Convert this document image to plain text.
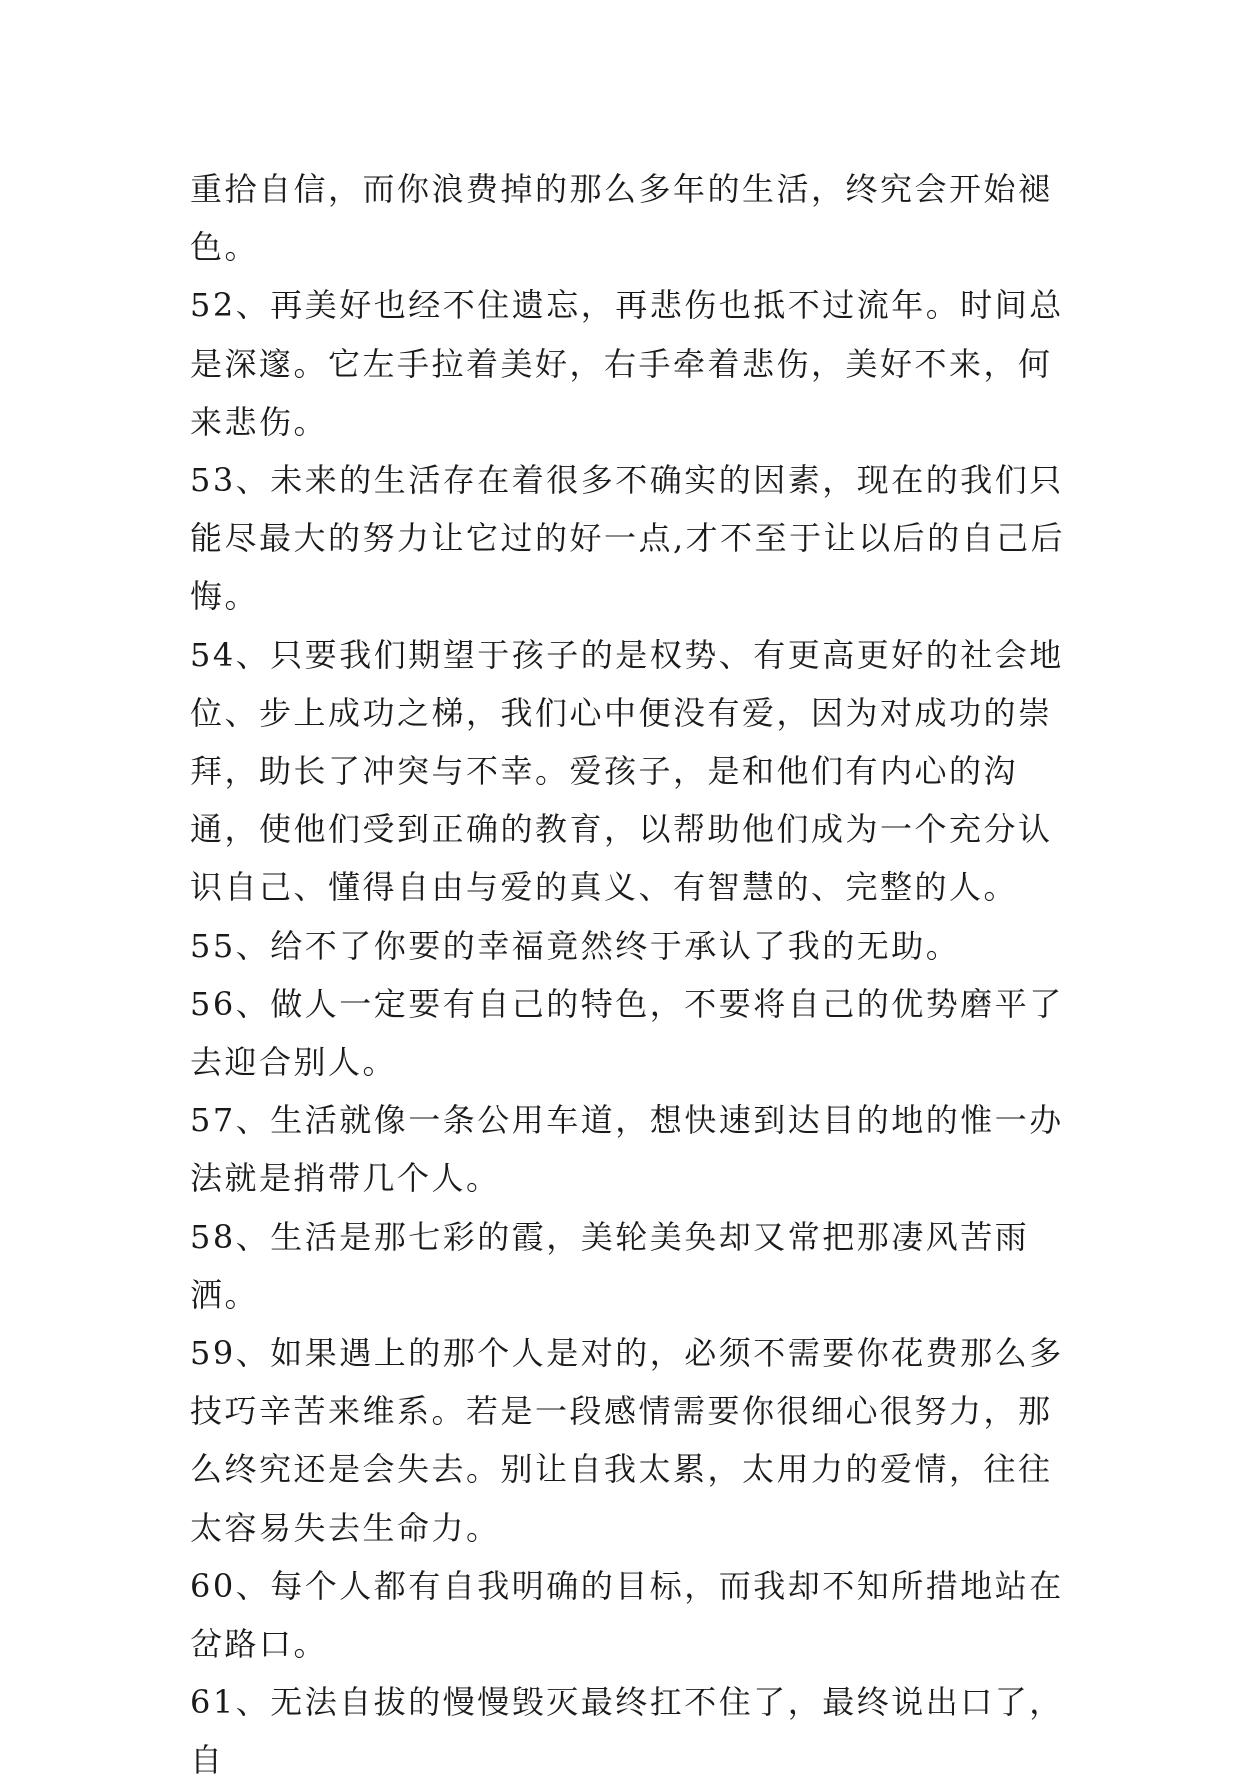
重拾自信，而你浪费掉的那么多年的生活，终究会开始褪色。

52、再美好也经不住遗忘，再悲伤也抵不过流年。时间总是深邃。它左手拉着美好，右手牵着悲伤，美好不来，何来悲伤。

53、未来的生活存在着很多不确实的因素，现在的我们只能尽最大的努力让它过的好一点,才不至于让以后的自己后悔。

54、只要我们期望于孩子的是权势、有更高更好的社会地位、步上成功之梯，我们心中便没有爱，因为对成功的崇拜，助长了冲突与不幸。爱孩子，是和他们有内心的沟通，使他们受到正确的教育，以帮助他们成为一个充分认识自己、懂得自由与爱的真义、有智慧的、完整的人。

55、给不了你要的幸福竟然终于承认了我的无助。

56、做人一定要有自己的特色，不要将自己的优势磨平了去迎合别人。

57、生活就像一条公用车道，想快速到达目的地的惟一办法就是捎带几个人。

58、生活是那七彩的霞，美轮美奂却又常把那凄风苦雨洒。

59、如果遇上的那个人是对的，必须不需要你花费那么多技巧辛苦来维系。若是一段感情需要你很细心很努力，那么终究还是会失去。别让自我太累，太用力的爱情，往往太容易失去生命力。

60、每个人都有自我明确的目标，而我却不知所措地站在岔路口。

61、无法自拔的慢慢毁灭最终扛不住了，最终说出口了，自
